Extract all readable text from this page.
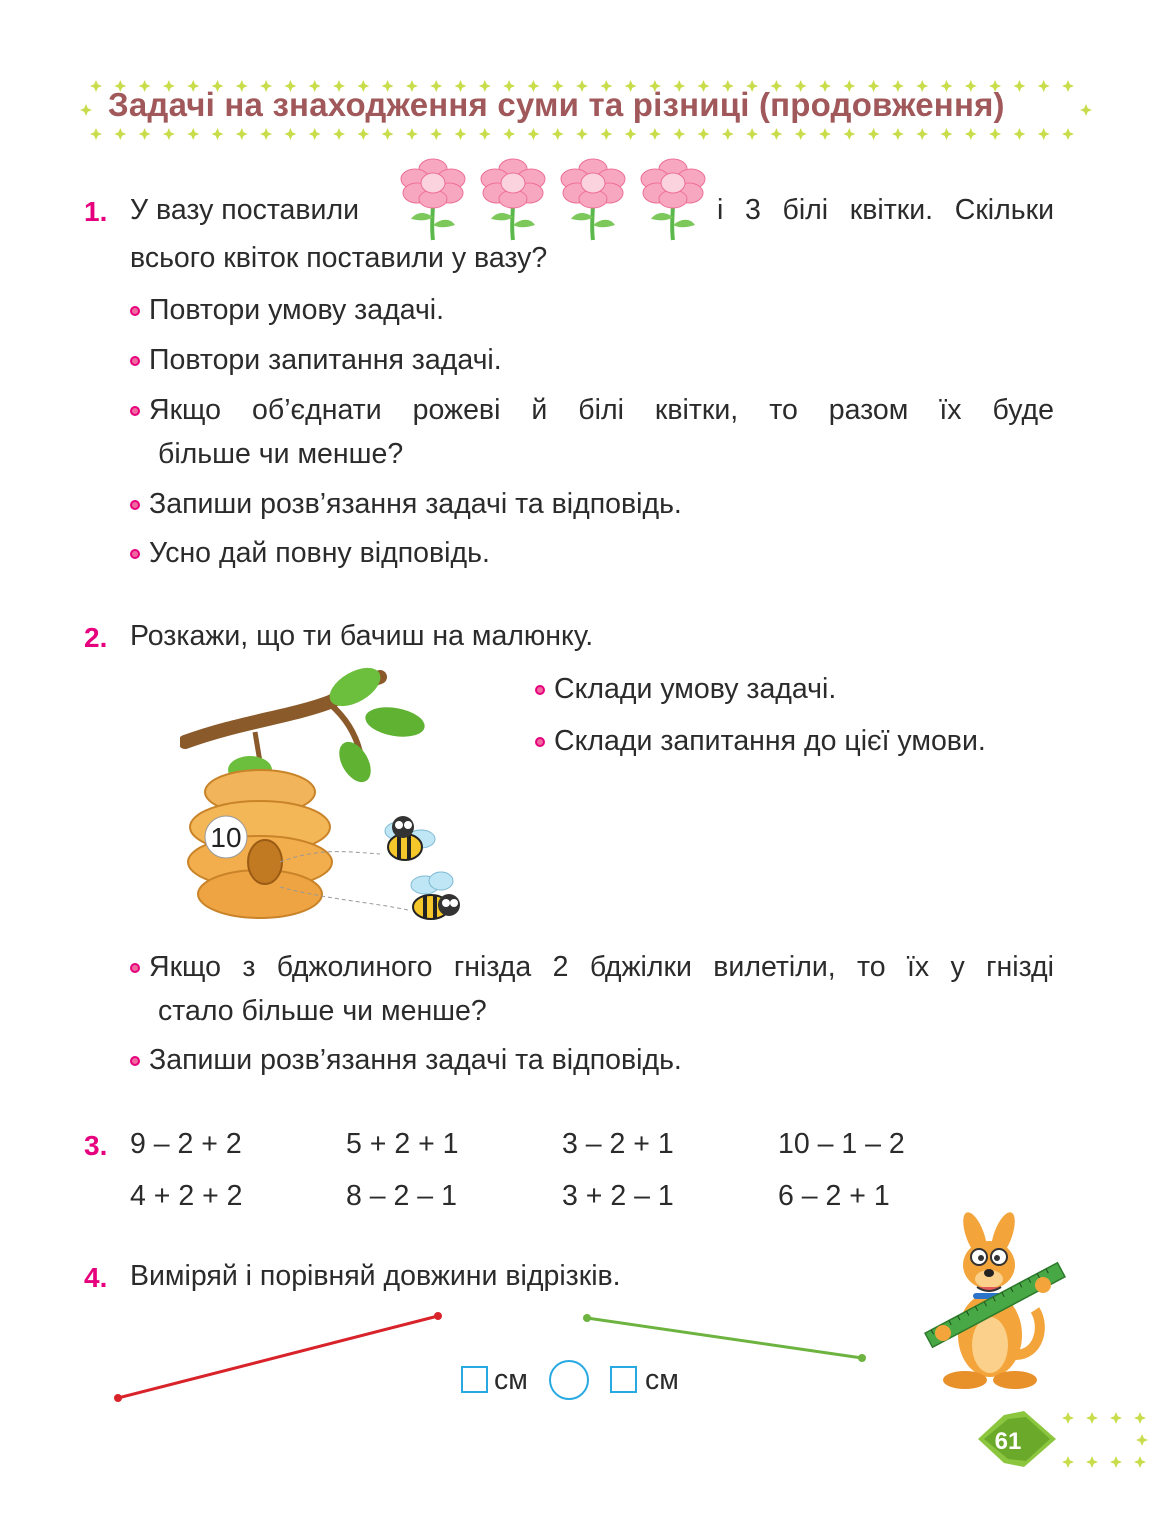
Задачі на знаходження суми та різниці (продовження)
1. У вазу поставили	і 3 білі квітки. Скільки
всього квіток поставили у вазу?
Повтори умову задачі.
Повтори запитання задачі.
Якщо об’єднати рожеві й білі квітки, то разом їх буде
більше чи менше?
Запиши розв’язання задачі та відповідь.
Усно дай повну відповідь.
2. Розкажи, що ти бачиш на малюнку.
10
Склади умову задачі.
Склади запитання до цієї умови.
Якщо з бджолиного гнізда 2 бджілки вилетіли, то їх у гнізді
стало більше чи менше?
Запиши розв’язання задачі та відповідь.
3. 9 – 2 + 2	5 + 2 + 1	3 – 2 + 1	10 – 1 – 2
4 + 2 + 2	8 – 2 – 1	3 + 2 – 1	6 – 2 + 1
4. Виміряй і порівняй довжини відрізків.
см	см
61
